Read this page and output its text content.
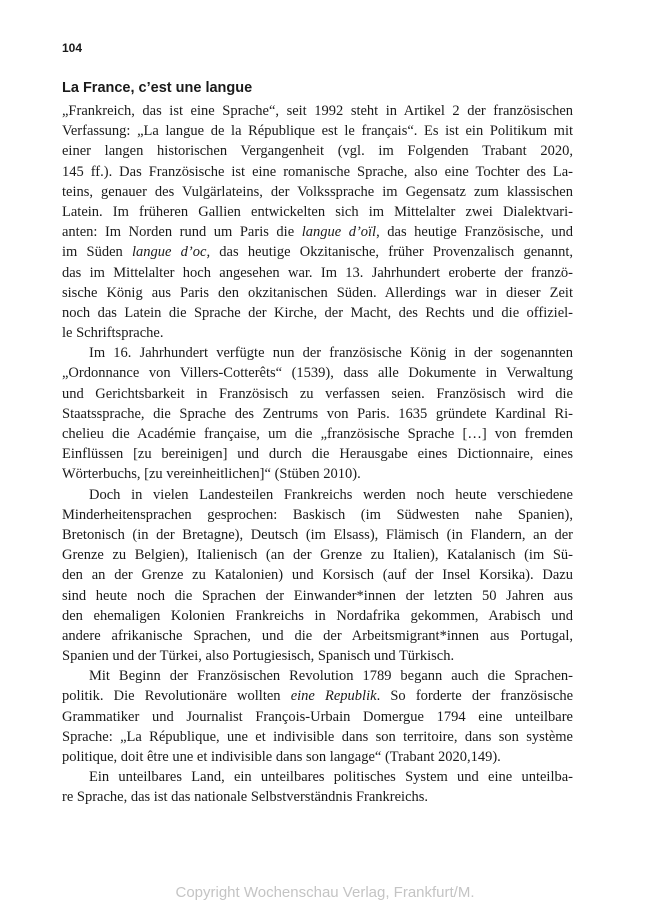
104
La France, c’est une langue
„Frankreich, das ist eine Sprache“, seit 1992 steht in Artikel 2 der französischen
Verfassung: „La langue de la République est le français“. Es ist ein Politikum mit
einer langen historischen Vergangenheit (vgl. im Folgenden Trabant 2020,
145 ff.). Das Französische ist eine romanische Sprache, also eine Tochter des La-
teins, genauer des Vulgärlateins, der Volkssprache im Gegensatz zum klassischen
Latein. Im früheren Gallien entwickelten sich im Mittelalter zwei Dialektvari-
anten: Im Norden rund um Paris die langue d’oïl, das heutige Französische, und
im Süden langue d’oc, das heutige Okzitanische, früher Provenzalisch genannt,
das im Mittelalter hoch angesehen war. Im 13. Jahrhundert eroberte der franzö-
sische König aus Paris den okzitanischen Süden. Allerdings war in dieser Zeit
noch das Latein die Sprache der Kirche, der Macht, des Rechts und die offiziel-
le Schriftsprache.
Im 16. Jahrhundert verfügte nun der französische König in der sogenannten
„Ordonnance von Villers-Cotterêts“ (1539), dass alle Dokumente in Verwaltung
und Gerichtsbarkeit in Französisch zu verfassen seien. Französisch wird die
Staatssprache, die Sprache des Zentrums von Paris. 1635 gründete Kardinal Ri-
chelieu die Académie française, um die „französische Sprache […] von fremden
Einflüssen [zu bereinigen] und durch die Herausgabe eines Dictionnaire, eines
Wörterbuchs, [zu vereinheitlichen]“ (Stüben 2010).
Doch in vielen Landesteilen Frankreichs werden noch heute verschiedene
Minderheitensprachen gesprochen: Baskisch (im Südwesten nahe Spanien),
Bretonisch (in der Bretagne), Deutsch (im Elsass), Flämisch (in Flandern, an der
Grenze zu Belgien), Italienisch (an der Grenze zu Italien), Katalanisch (im Sü-
den an der Grenze zu Katalonien) und Korsisch (auf der Insel Korsika). Dazu
sind heute noch die Sprachen der Einwander*innen der letzten 50 Jahren aus
den ehemaligen Kolonien Frankreichs in Nordafrika gekommen, Arabisch und
andere afrikanische Sprachen, und die der Arbeitsmigrant*innen aus Portugal,
Spanien und der Türkei, also Portugiesisch, Spanisch und Türkisch.
Mit Beginn der Französischen Revolution 1789 begann auch die Sprachen-
politik. Die Revolutionäre wollten eine Republik. So forderte der französische
Grammatiker und Journalist François-Urbain Domergue 1794 eine unteilbare
Sprache: „La République, une et indivisible dans son territoire, dans son système
politique, doit être une et indivisible dans son langage“ (Trabant 2020,149).
Ein unteilbares Land, ein unteilbares politisches System und eine unteilba-
re Sprache, das ist das nationale Selbstverständnis Frankreichs.
Copyright Wochenschau Verlag, Frankfurt/M.
